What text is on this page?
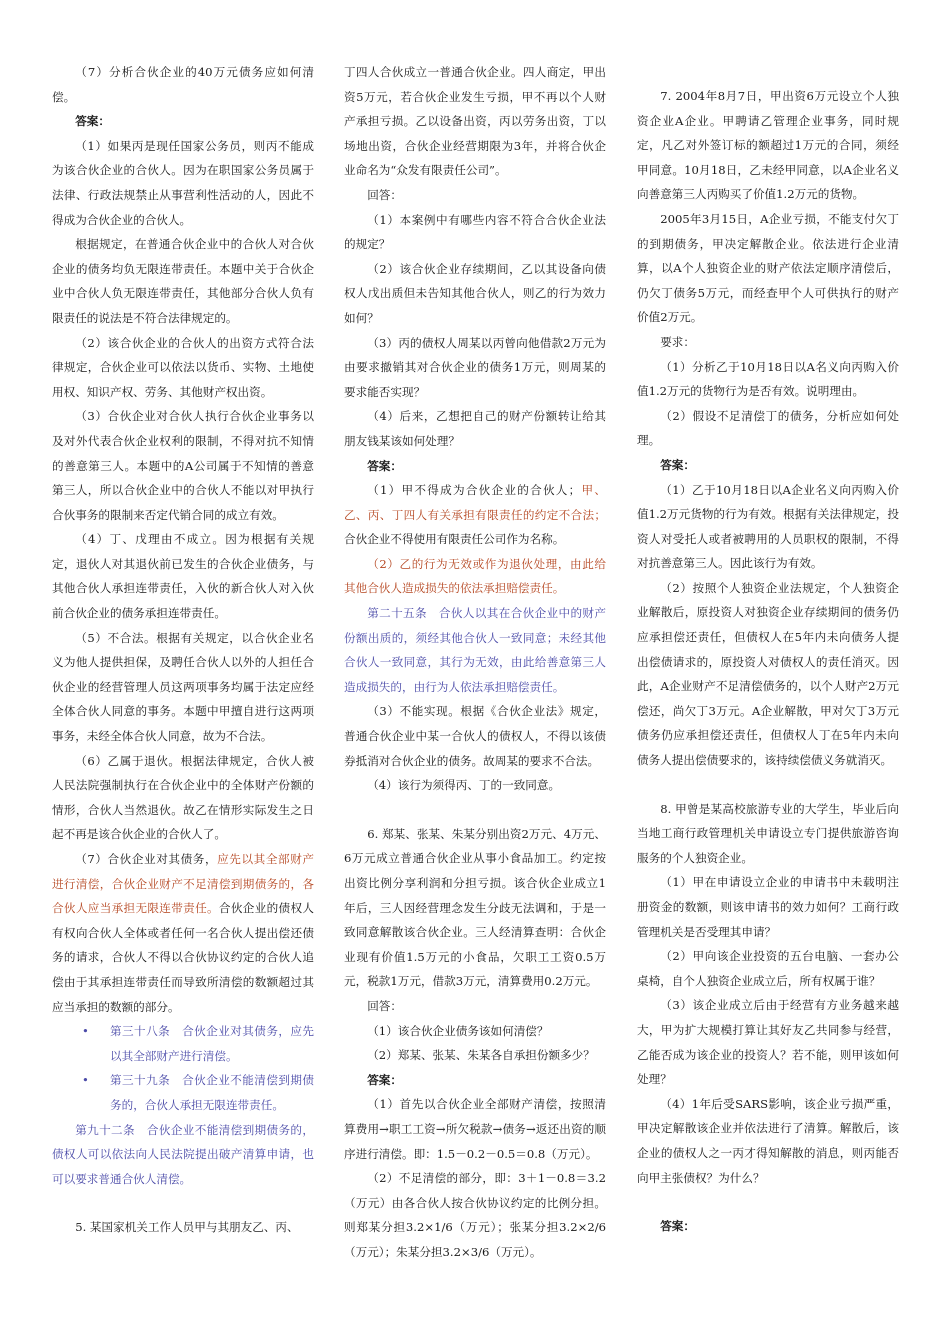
（7）分析合伙企业的40万元债务应如何清偿。

答案：

（1）如果丙是现任国家公务员，则丙不能成为该合伙企业的合伙人。因为在职国家公务员属于法律、行政法规禁止从事营利性活动的人，因此不得成为合伙企业的合伙人。

根据规定，在普通合伙企业中的合伙人对合伙企业的债务均负无限连带责任。本题中关于合伙企业中合伙人负无限连带责任，其他部分合伙人负有限责任的说法是不符合法律规定的。

（2）该合伙企业的合伙人的出资方式符合法律规定，合伙企业可以依法以货币、实物、土地使用权、知识产权、劳务、其他财产权出资。

（3）合伙企业对合伙人执行合伙企业事务以及对外代表合伙企业权利的限制，不得对抗不知情的善意第三人。本题中的A公司属于不知情的善意第三人，所以合伙企业中的合伙人不能以对甲执行合伙事务的限制来否定代销合同的成立有效。

（4）丁、戊理由不成立。因为根据有关规定，退伙人对其退伙前已发生的合伙企业债务，与其他合伙人承担连带责任，入伙的新合伙人对入伙前合伙企业的债务承担连带责任。

（5）不合法。根据有关规定，以合伙企业名义为他人提供担保，及聘任合伙人以外的人担任合伙企业的经营管理人员这两项事务均属于法定应经全体合伙人同意的事务。本题中甲擅自进行这两项事务，未经全体合伙人同意，故为不合法。

（6）乙属于退伙。根据法律规定，合伙人被人民法院强制执行在合伙企业中的全体财产份额的情形，合伙人当然退伙。故乙在情形实际发生之日起不再是该合伙企业的合伙人了。

（7）合伙企业对其债务，应先以其全部财产进行清偿，合伙企业财产不足清偿到期债务的，各合伙人应当承担无限连带责任。合伙企业的债权人有权向合伙人全体或者任何一名合伙人提出偿还债务的请求，合伙人不得以合伙协议约定的合伙人追偿由于其承担连带责任而导致所清偿的数额超过其应当承担的数额的部分。

•	第三十八条　合伙企业对其债务，应先以其全部财产进行清偿。
•	第三十九条　合伙企业不能清偿到期债务的，合伙人承担无限连带责任。

第九十二条　合伙企业不能清偿到期债务的，债权人可以依法向人民法院提出破产清算申请，也可以要求普通合伙人清偿。

5. 某国家机关工作人员甲与其朋友乙、丙、

丁四人合伙成立一普通合伙企业。四人商定，甲出资5万元，若合伙企业发生亏损，甲不再以个人财产承担亏损。乙以设备出资，丙以劳务出资，丁以场地出资，合伙企业经营期限为3年，并将合伙企业命名为“众发有限责任公司”。

回答：

（1）本案例中有哪些内容不符合合伙企业法的规定？

（2）该合伙企业存续期间，乙以其设备向债权人戊出质但未告知其他合伙人，则乙的行为效力如何？

（3）丙的债权人周某以丙曾向他借款2万元为由要求撤销其对合伙企业的债务1万元，则周某的要求能否实现？

（4）后来，乙想把自己的财产份额转让给其朋友钱某该如何处理？

答案：

（1）甲不得成为合伙企业的合伙人；甲、乙、丙、丁四人有关承担有限责任的约定不合法；合伙企业不得使用有限责任公司作为名称。

（2）乙的行为无效或作为退伙处理，由此给其他合伙人造成损失的依法承担赔偿责任。

第二十五条　合伙人以其在合伙企业中的财产份额出质的，须经其他合伙人一致同意；未经其他合伙人一致同意，其行为无效，由此给善意第三人造成损失的，由行为人依法承担赔偿责任。

（3）不能实现。根据《合伙企业法》规定，普通合伙企业中某一合伙人的债权人，不得以该债券抵消对合伙企业的债务。故周某的要求不合法。

（4）该行为须得丙、丁的一致同意。

6. 郑某、张某、朱某分别出资2万元、4万元、6万元成立普通合伙企业从事小食品加工。约定按出资比例分享利润和分担亏损。该合伙企业成立1年后，三人因经营理念发生分歧无法调和，于是一致同意解散该合伙企业。三人经清算查明：合伙企业现有价值1.5万元的小食品，欠职工工资0.5万元，税款1万元，借款3万元，清算费用0.2万元。

回答：

（1）该合伙企业债务该如何清偿？

（2）郑某、张某、朱某各自承担份额多少？

答案：

（1）首先以合伙企业全部财产清偿，按照清算费用→职工工资→所欠税款→债务→返还出资的顺序进行清偿。即：1.5－0.2－0.5＝0.8（万元）。

（2）不足清偿的部分，即：3＋1－0.8＝3.2（万元）由各合伙人按合伙协议约定的比例分担。则郑某分担3.2×1/6（万元）；张某分担3.2×2/6（万元）；朱某分担3.2×3/6（万元）。

7. 2004年8月7日，甲出资6万元设立个人独资企业A企业。甲聘请乙管理企业事务，同时规定，凡乙对外签订标的额超过1万元的合同，须经甲同意。10月18日，乙未经甲同意，以A企业名义向善意第三人丙购买了价值1.2万元的货物。

2005年3月15日，A企业亏损，不能支付欠丁的到期债务，甲决定解散企业。依法进行企业清算，以A个人独资企业的财产依法定顺序清偿后，仍欠丁债务5万元，而经查甲个人可供执行的财产价值2万元。

要求：

（1）分析乙于10月18日以A名义向丙购入价值1.2万元的货物行为是否有效。说明理由。

（2）假设不足清偿丁的债务，分析应如何处理。

答案：

（1）乙于10月18日以A企业名义向丙购入价值1.2万元货物的行为有效。根据有关法律规定，投资人对受托人或者被聘用的人员职权的限制，不得对抗善意第三人。因此该行为有效。

（2）按照个人独资企业法规定，个人独资企业解散后，原投资人对独资企业存续期间的债务仍应承担偿还责任，但债权人在5年内未向债务人提出偿债请求的，原投资人对债权人的责任消灭。因此，A企业财产不足清偿债务的，以个人财产2万元偿还，尚欠丁3万元。A企业解散，甲对欠丁3万元债务仍应承担偿还责任，但债权人丁在5年内未向债务人提出偿债要求的，该持续偿债义务就消灭。

8. 甲曾是某高校旅游专业的大学生，毕业后向当地工商行政管理机关申请设立专门提供旅游咨询服务的个人独资企业。

（1）甲在申请设立企业的申请书中未载明注册资金的数额，则该申请书的效力如何？工商行政管理机关是否受理其申请？

（2）甲向该企业投资的五台电脑、一套办公桌椅，自个人独资企业成立后，所有权属于谁？

（3）该企业成立后由于经营有方业务越来越大，甲为扩大规模打算让其好友乙共同参与经营，乙能否成为该企业的投资人？若不能，则甲该如何处理？

（4）1年后受SARS影响，该企业亏损严重，甲决定解散该企业并依法进行了清算。解散后，该企业的债权人之一丙才得知解散的消息，则丙能否向甲主张债权？为什么？

答案：
